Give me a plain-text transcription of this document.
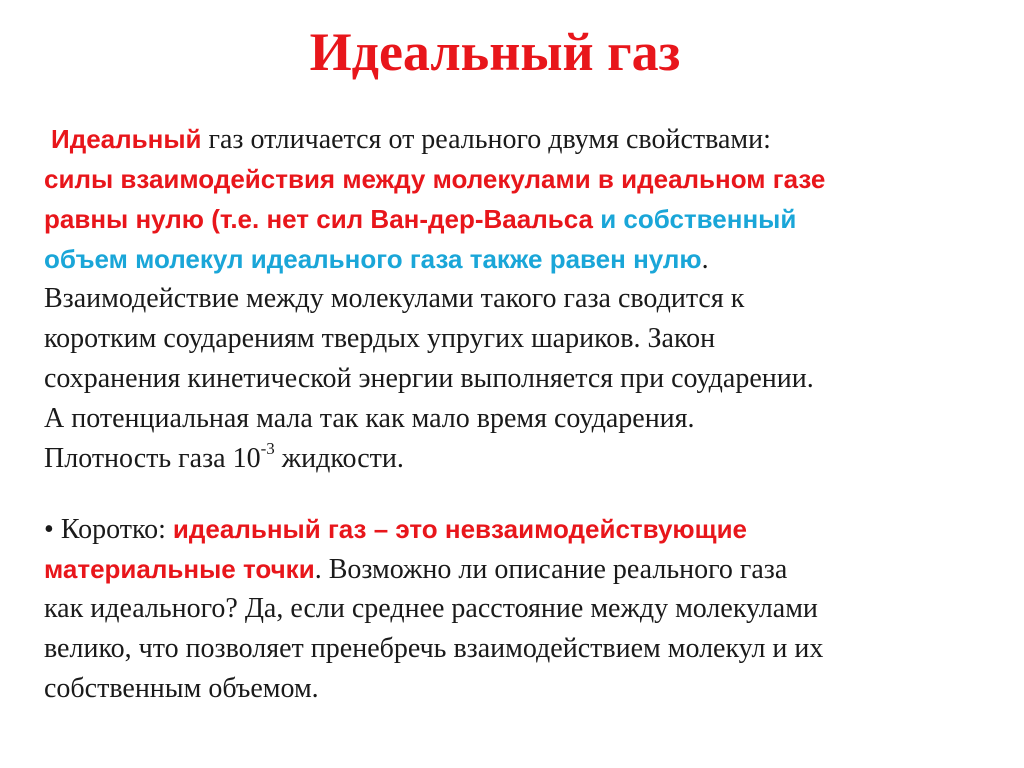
Идеальный газ
Идеальный газ отличается от реального двумя свойствами:
силы взаимодействия между молекулами в идеальном газе
равны нулю (т.е. нет сил Ван-дер-Ваальса и собственный
объем молекул идеального газа также равен нулю.
Взаимодействие между молекулами такого газа сводится к
коротким соударениям твердых упругих шариков. Закон
сохранения кинетической энергии выполняется при соударении.
А потенциальная мала так как мало время соударения.
Плотность газа $10^{-3}$ жидкости.
• Коротко: идеальный газ – это невзаимодействующие
материальные точки. Возможно ли описание реального газа
как идеального? Да, если среднее расстояние между молекулами
велико, что позволяет пренебречь взаимодействием молекул и их
собственным объемом.
